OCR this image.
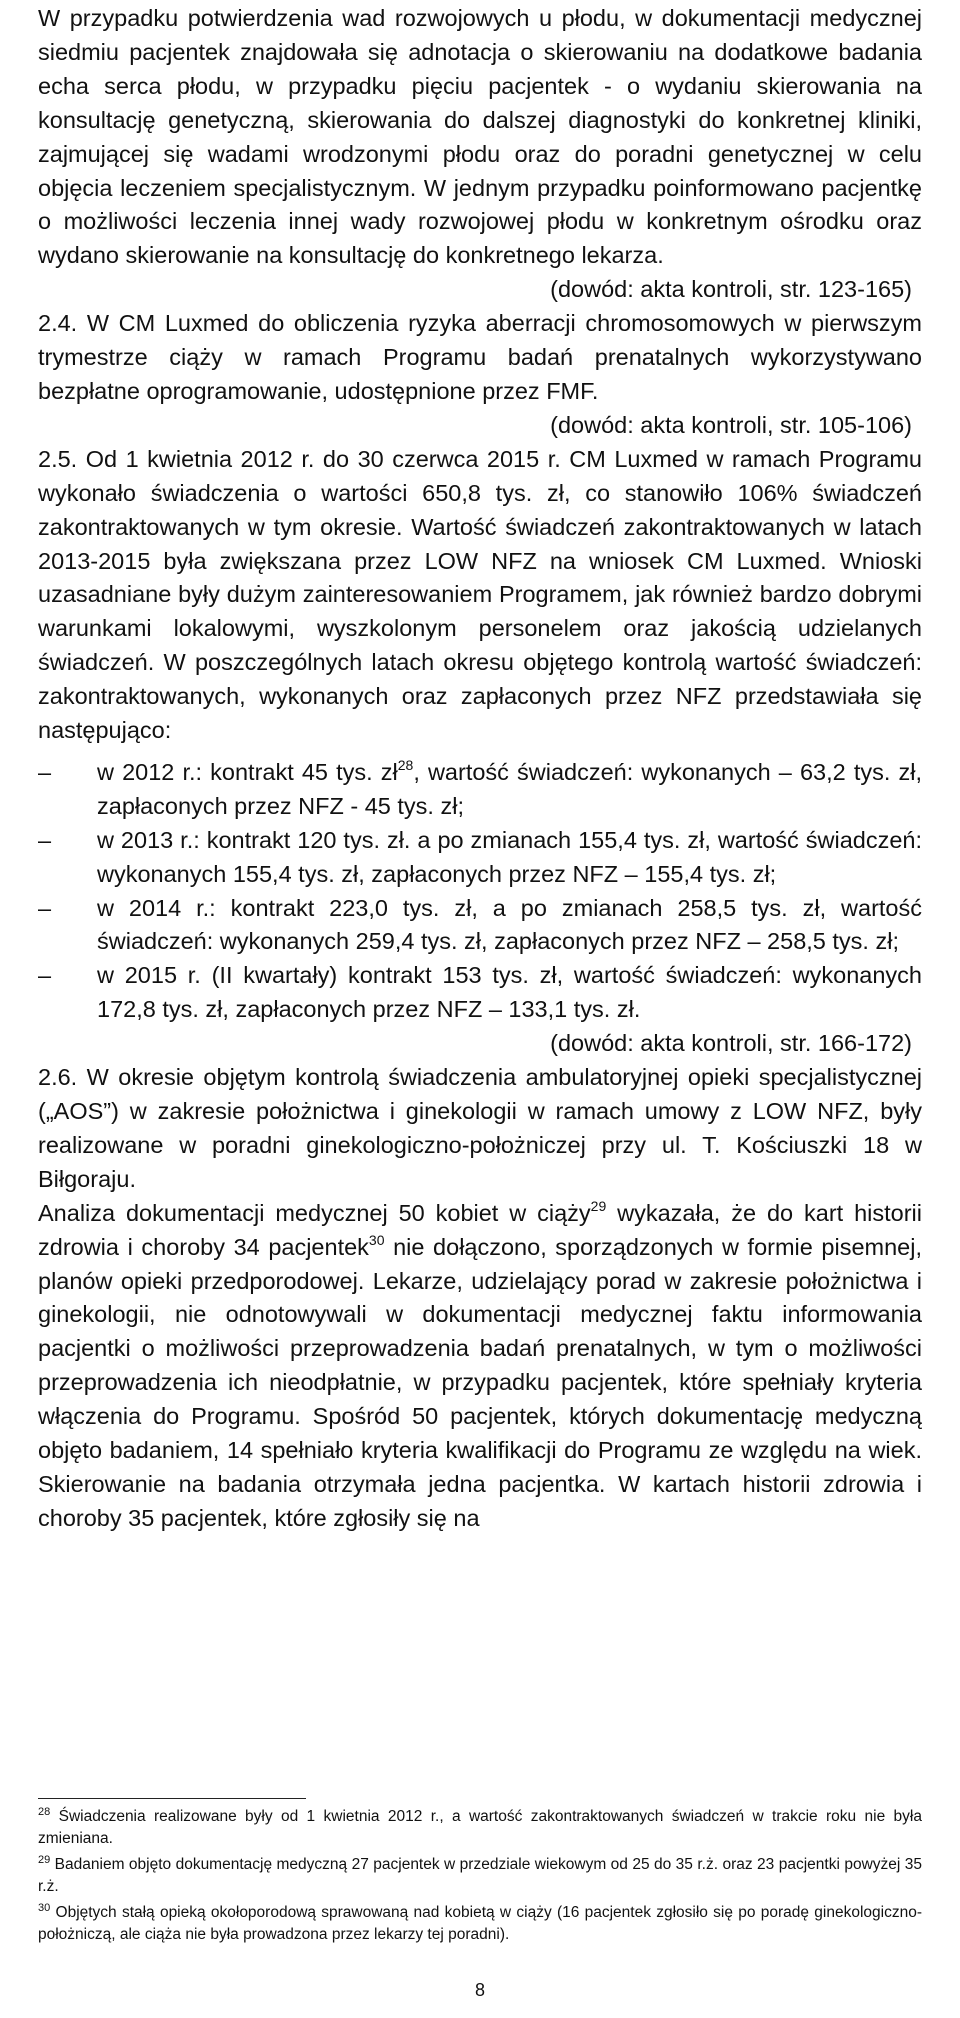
W przypadku potwierdzenia wad rozwojowych u płodu, w dokumentacji medycznej siedmiu pacjentek znajdowała się adnotacja o skierowaniu na dodatkowe badania echa serca płodu, w przypadku pięciu pacjentek - o wydaniu skierowania na konsultację genetyczną, skierowania do dalszej diagnostyki do konkretnej kliniki, zajmującej się wadami wrodzonymi płodu oraz do poradni genetycznej w celu objęcia leczeniem specjalistycznym. W jednym przypadku poinformowano pacjentkę o możliwości leczenia innej wady rozwojowej płodu w konkretnym ośrodku oraz wydano skierowanie na konsultację do konkretnego lekarza.

(dowód: akta kontroli, str. 123-165)

2.4. W CM Luxmed do obliczenia ryzyka aberracji chromosomowych w pierwszym trymestrze ciąży w ramach Programu badań prenatalnych wykorzystywano bezpłatne oprogramowanie, udostępnione przez FMF.

(dowód: akta kontroli, str. 105-106)

2.5. Od 1 kwietnia 2012 r. do 30 czerwca 2015 r. CM Luxmed w ramach Programu wykonało świadczenia o wartości 650,8 tys. zł, co stanowiło 106% świadczeń zakontraktowanych w tym okresie. Wartość świadczeń zakontraktowanych w latach 2013-2015 była zwiększana przez LOW NFZ na wniosek CM Luxmed. Wnioski uzasadniane były dużym zainteresowaniem Programem, jak również bardzo dobrymi warunkami lokalowymi, wyszkolonym personelem oraz jakością udzielanych świadczeń. W poszczególnych latach okresu objętego kontrolą wartość świadczeń: zakontraktowanych, wykonanych oraz zapłaconych przez NFZ przedstawiała się następująco:

– w 2012 r.: kontrakt 45 tys. $zł^{28}$, wartość świadczeń: wykonanych – 63,2 tys. zł, zapłaconych przez NFZ - 45 tys. zł;
– w 2013 r.: kontrakt 120 tys. zł. a po zmianach 155,4 tys. zł, wartość świadczeń: wykonanych 155,4 tys. zł, zapłaconych przez NFZ – 155,4 tys. zł;
– w 2014 r.: kontrakt 223,0 tys. zł, a po zmianach 258,5 tys. zł, wartość świadczeń: wykonanych 259,4 tys. zł, zapłaconych przez NFZ – 258,5 tys. zł;
– w 2015 r. (II kwartały) kontrakt 153 tys. zł, wartość świadczeń: wykonanych 172,8 tys. zł, zapłaconych przez NFZ – 133,1 tys. zł.

(dowód: akta kontroli, str. 166-172)

2.6. W okresie objętym kontrolą świadczenia ambulatoryjnej opieki specjalistycznej („AOS”) w zakresie położnictwa i ginekologii w ramach umowy z LOW NFZ, były realizowane w poradni ginekologiczno-położniczej przy ul. T. Kościuszki 18 w Biłgoraju.

Analiza dokumentacji medycznej 50 kobiet w ciąży$^{29}$ wykazała, że do kart historii zdrowia i choroby 34 pacjentek$^{30}$ nie dołączono, sporządzonych w formie pisemnej, planów opieki przedporodowej. Lekarze, udzielający porad w zakresie położnictwa i ginekologii, nie odnotowywali w dokumentacji medycznej faktu informowania pacjentki o możliwości przeprowadzenia badań prenatalnych, w tym o możliwości przeprowadzenia ich nieodpłatnie, w przypadku pacjentek, które spełniały kryteria włączenia do Programu. Spośród 50 pacjentek, których dokumentację medyczną objęto badaniem, 14 spełniało kryteria kwalifikacji do Programu ze względu na wiek. Skierowanie na badania otrzymała jedna pacjentka. W kartach historii zdrowia i choroby 35 pacjentek, które zgłosiły się na

$^{28}$ Świadczenia realizowane były od 1 kwietnia 2012 r., a wartość zakontraktowanych świadczeń w trakcie roku nie była zmieniana.

$^{29}$ Badaniem objęto dokumentację medyczną 27 pacjentek w przedziale wiekowym od 25 do 35 r.ż. oraz 23 pacjentki powyżej 35 r.ż.

$^{30}$ Objętych stałą opieką okołoporodową sprawowaną nad kobietą w ciąży (16 pacjentek zgłosiło się po poradę ginekologiczno-położniczą, ale ciąża nie była prowadzona przez lekarzy tej poradni).

8
